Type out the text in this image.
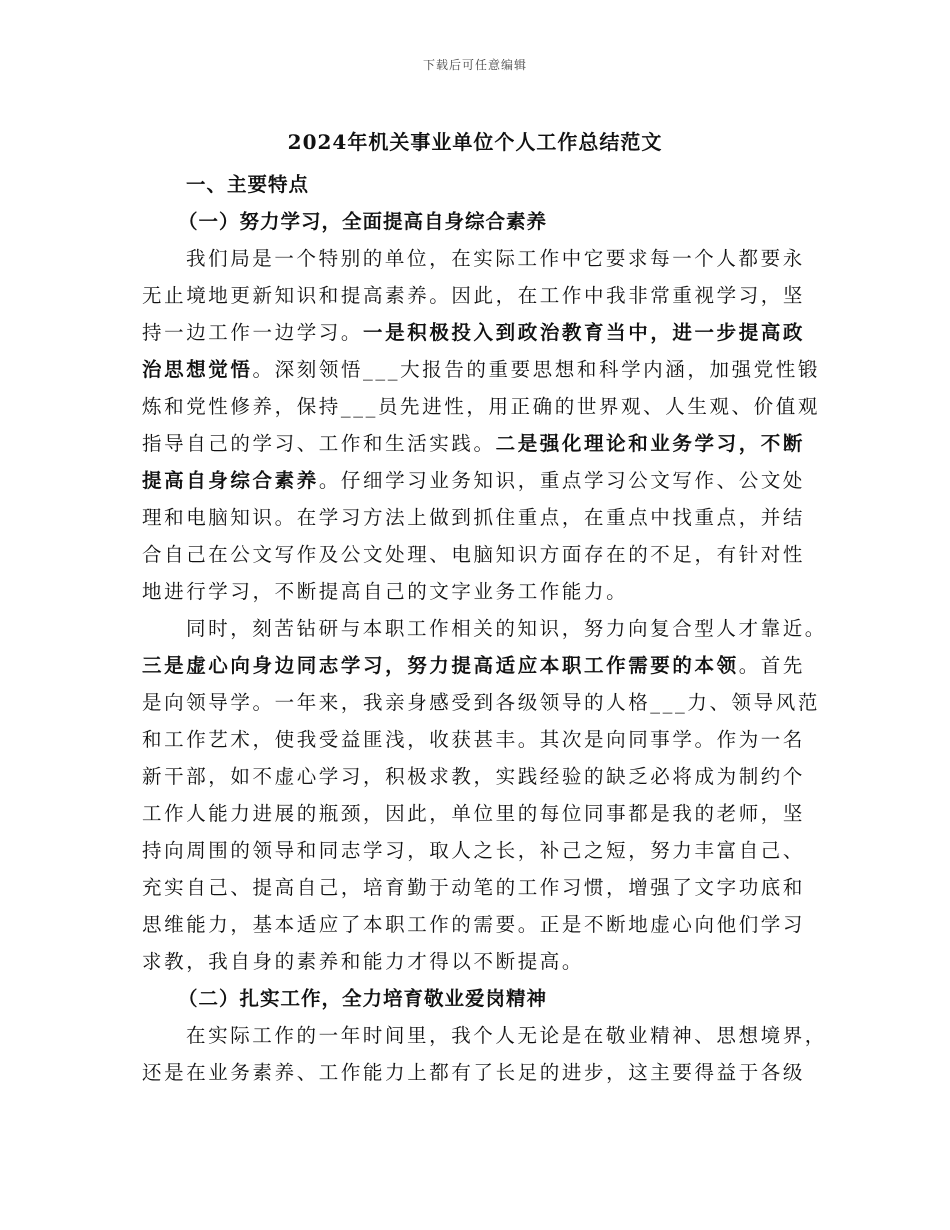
下载后可任意编辑
2024年机关事业单位个人工作总结范文
一、主要特点
（一）努力学习，全面提高自身综合素养
我们局是一个特别的单位，在实际工作中它要求每一个人都要永
无止境地更新知识和提高素养。因此，在工作中我非常重视学习，坚
持一边工作一边学习。一是积极投入到政治教育当中，进一步提高政
治思想觉悟。深刻领悟___大报告的重要思想和科学内涵，加强党性锻
炼和党性修养，保持___员先进性，用正确的世界观、人生观、价值观
指导自己的学习、工作和生活实践。二是强化理论和业务学习，不断
提高自身综合素养。仔细学习业务知识，重点学习公文写作、公文处
理和电脑知识。在学习方法上做到抓住重点，在重点中找重点，并结
合自己在公文写作及公文处理、电脑知识方面存在的不足，有针对性
地进行学习，不断提高自己的文字业务工作能力。
同时，刻苦钻研与本职工作相关的知识，努力向复合型人才靠近。
三是虚心向身边同志学习，努力提高适应本职工作需要的本领。首先
是向领导学。一年来，我亲身感受到各级领导的人格___力、领导风范
和工作艺术，使我受益匪浅，收获甚丰。其次是向同事学。作为一名
新干部，如不虚心学习，积极求教，实践经验的缺乏必将成为制约个
工作人能力进展的瓶颈，因此，单位里的每位同事都是我的老师，坚
持向周围的领导和同志学习，取人之长，补己之短，努力丰富自己、
充实自己、提高自己，培育勤于动笔的工作习惯，增强了文字功底和
思维能力，基本适应了本职工作的需要。正是不断地虚心向他们学习
求教，我自身的素养和能力才得以不断提高。
（二）扎实工作，全力培育敬业爱岗精神
在实际工作的一年时间里，我个人无论是在敬业精神、思想境界，
还是在业务素养、工作能力上都有了长足的进步，这主要得益于各级
